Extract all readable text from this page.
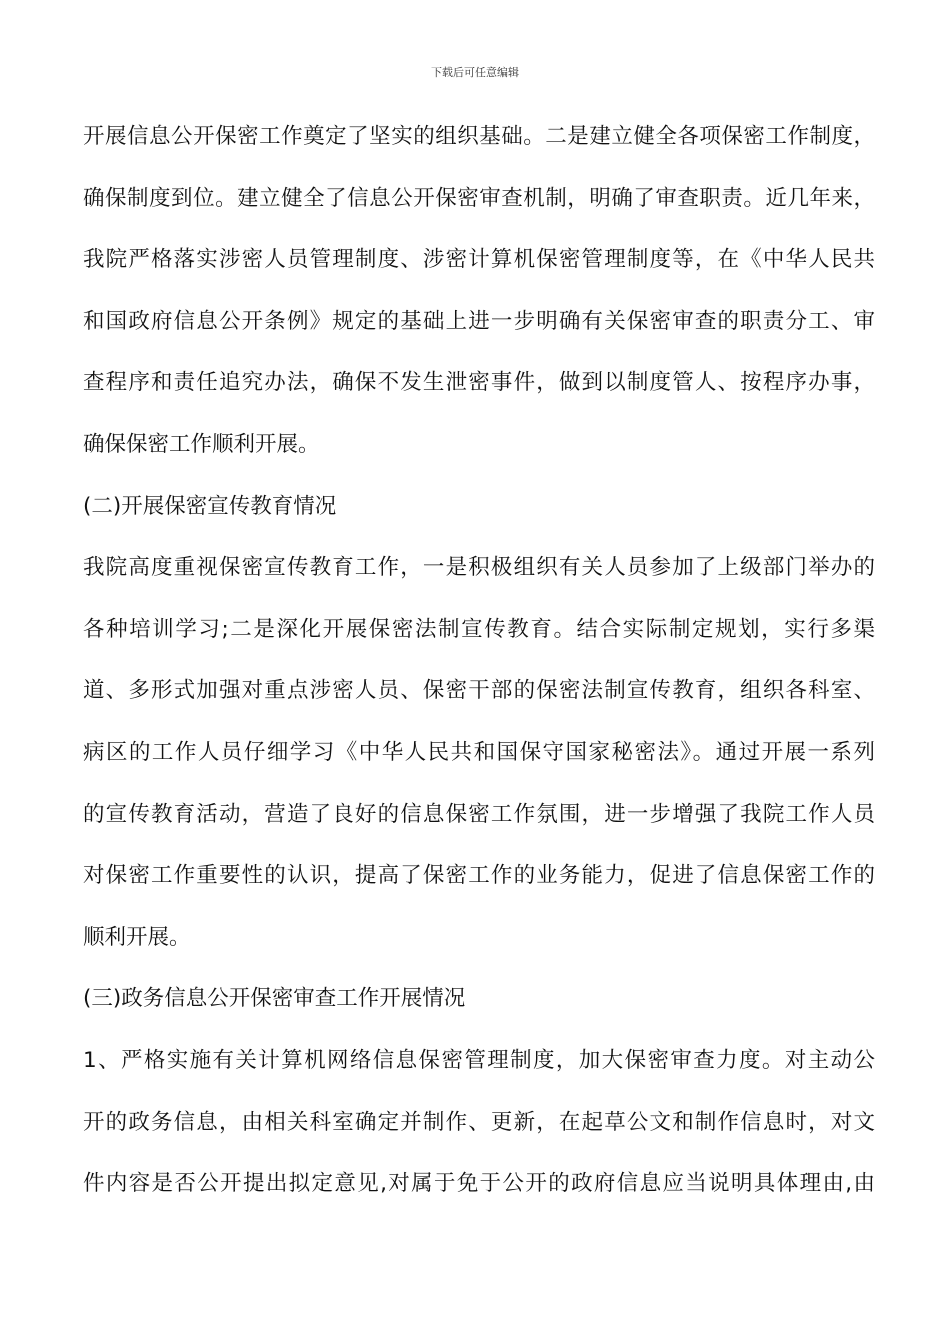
下载后可任意编辑
开展信息公开保密工作奠定了坚实的组织基础。二是建立健全各项保密工作制度，
确保制度到位。建立健全了信息公开保密审查机制，明确了审查职责。近几年来，
我院严格落实涉密人员管理制度、涉密计算机保密管理制度等，在《中华人民共
和国政府信息公开条例》规定的基础上进一步明确有关保密审查的职责分工、审
查程序和责任追究办法，确保不发生泄密事件，做到以制度管人、按程序办事，
确保保密工作顺利开展。
(二)开展保密宣传教育情况
我院高度重视保密宣传教育工作，一是积极组织有关人员参加了上级部门举办的
各种培训学习;二是深化开展保密法制宣传教育。结合实际制定规划，实行多渠
道、多形式加强对重点涉密人员、保密干部的保密法制宣传教育，组织各科室、
病区的工作人员仔细学习《中华人民共和国保守国家秘密法》。通过开展一系列
的宣传教育活动，营造了良好的信息保密工作氛围，进一步增强了我院工作人员
对保密工作重要性的认识，提高了保密工作的业务能力，促进了信息保密工作的
顺利开展。
(三)政务信息公开保密审查工作开展情况
1、严格实施有关计算机网络信息保密管理制度，加大保密审查力度。对主动公
开的政务信息，由相关科室确定并制作、更新，在起草公文和制作信息时，对文
件内容是否公开提出拟定意见,对属于免于公开的政府信息应当说明具体理由,由
